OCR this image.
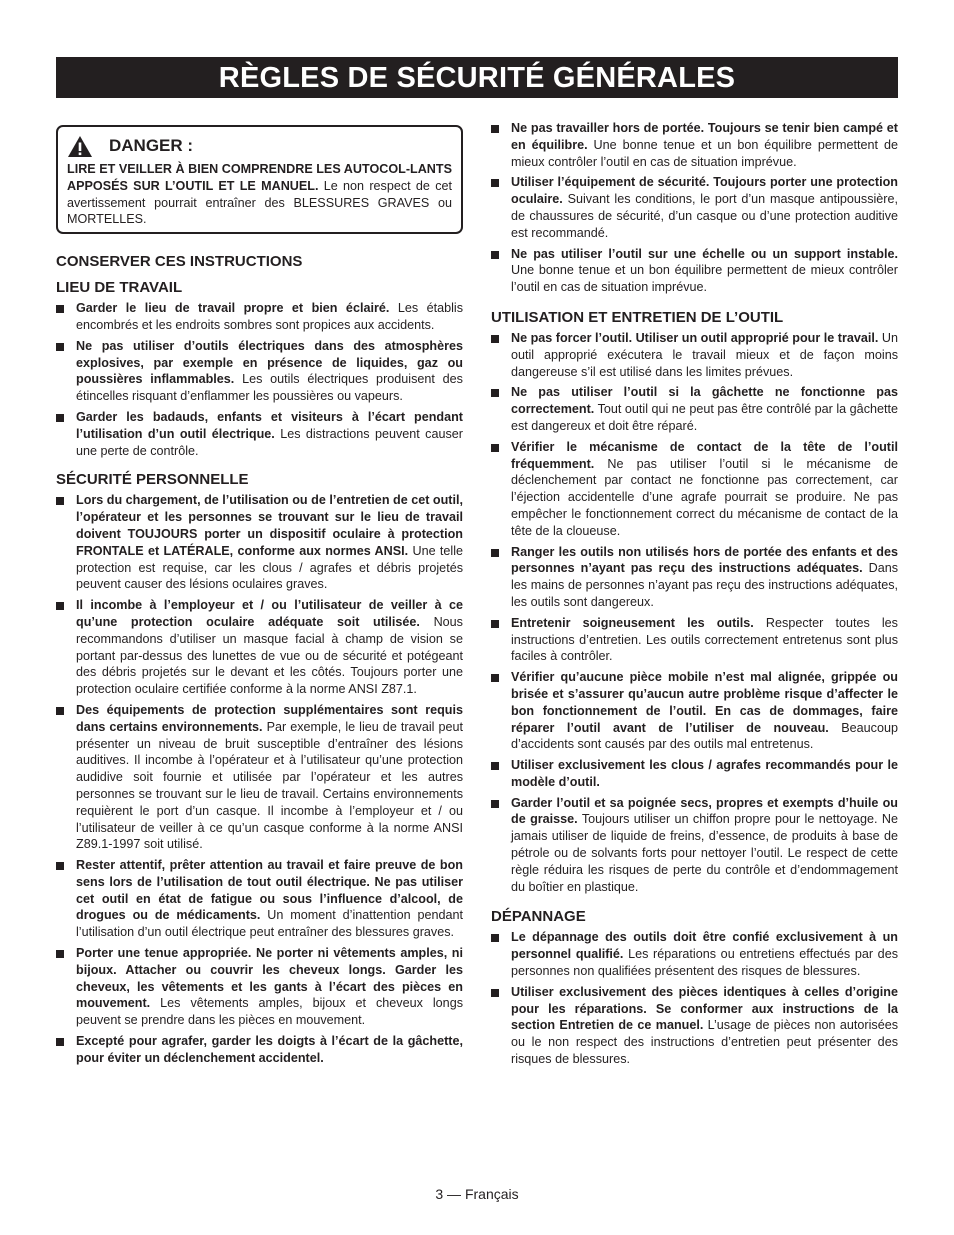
RÈGLES DE SÉCURITÉ GÉNÉRALES
DANGER :
LIRE ET VEILLER À BIEN COMPRENDRE LES AUTOCOL-LANTS APPOSÉS SUR L’OUTIL ET LE MANUEL. Le non respect de cet avertissement pourrait entraîner des BLESSURES GRAVES ou MORTELLES.
CONSERVER CES INSTRUCTIONS
LIEU DE TRAVAIL
Garder le lieu de travail propre et bien éclairé. Les établis encombrés et les endroits sombres sont propices aux accidents.
Ne pas utiliser d’outils électriques dans des atmosphères explosives, par exemple en présence de liquides, gaz ou poussières inflammables. Les outils électriques produisent des étincelles risquant d’enflammer les poussières ou vapeurs.
Garder les badauds, enfants et visiteurs à l’écart pendant l’utilisation d’un outil électrique. Les distractions peuvent causer une perte de contrôle.
SÉCURITÉ PERSONNELLE
Lors du chargement, de l’utilisation ou de l’entretien de cet outil, l’opérateur et les personnes se trouvant sur le lieu de travail doivent TOUJOURS porter un dispositif oculaire à protection FRONTALE et LATÉRALE, conforme aux normes ANSI. Une telle protection est requise, car les clous / agrafes et débris projetés peuvent causer des lésions oculaires graves.
Il incombe à l’employeur et / ou l’utilisateur de veiller à ce qu’une protection oculaire adéquate soit utilisée. Nous recommandons d’utiliser un masque facial à champ de vision se portant par-dessus des lunettes de vue ou de sécurité et potégeant des débris projetés sur le devant et les côtés. Toujours porter une protection oculaire certifiée conforme à la norme ANSI Z87.1.
Des équipements de protection supplémentaires sont requis dans certains environnements. Par exemple, le lieu de travail peut présenter un niveau de bruit susceptible d’entraîner des lésions auditives. Il incombe à l’opérateur et à l’utilisateur qu’une protection audidive soit fournie et utilisée par l’opérateur et les autres personnes se trouvant sur le lieu de travail. Certains environnements requièrent le port d’un casque. Il incombe à l’employeur et / ou l’utilisateur de veiller à ce qu’un casque conforme à la norme ANSI Z89.1-1997 soit utilisé.
Rester attentif, prêter attention au travail et faire preuve de bon sens lors de l’utilisation de tout outil électrique. Ne pas utiliser cet outil en état de fatigue ou sous l’influence d’alcool, de drogues ou de médicaments. Un moment d’inattention pendant l’utilisation d’un outil électrique peut entraîner des blessures graves.
Porter une tenue appropriée. Ne porter ni vêtements amples, ni bijoux. Attacher ou couvrir les cheveux longs. Garder les cheveux, les vêtements et les gants à l’écart des pièces en mouvement. Les vêtements amples, bijoux et cheveux longs peuvent se prendre dans les pièces en mouvement.
Excepté pour agrafer, garder les doigts à l’écart de la gâchette, pour éviter un déclenchement accidentel.
Ne pas travailler hors de portée. Toujours se tenir bien campé et en équilibre. Une bonne tenue et un bon équilibre permettent de mieux contrôler l’outil en cas de situation imprévue.
Utiliser l’équipement de sécurité. Toujours porter une protection oculaire. Suivant les conditions, le port d’un masque antipoussière, de chaussures de sécurité, d’un casque ou d’une protection auditive est recommandé.
Ne pas utiliser l’outil sur une échelle ou un support instable. Une bonne tenue et un bon équilibre permettent de mieux contrôler l’outil en cas de situation imprévue.
UTILISATION ET ENTRETIEN DE L’OUTIL
Ne pas forcer l’outil. Utiliser un outil approprié pour le travail. Un outil approprié exécutera le travail mieux et de façon moins dangereuse s’il est utilisé dans les limites prévues.
Ne pas utiliser l’outil si la gâchette ne fonctionne pas correctement. Tout outil qui ne peut pas être contrôlé par la gâchette est dangereux et doit être réparé.
Vérifier le mécanisme de contact de la tête de l’outil fréquemment. Ne pas utiliser l’outil si le mécanisme de déclenchement par contact ne fonctionne pas correctement, car l’éjection accidentelle d’une agrafe pourrait se produire. Ne pas empêcher le fonctionnement correct du mécanisme de contact de la tête de la cloueuse.
Ranger les outils non utilisés hors de portée des enfants et des personnes n’ayant pas reçu des instructions adéquates. Dans les mains de personnes n’ayant pas reçu des instructions adéquates, les outils sont dangereux.
Entretenir soigneusement les outils. Respecter toutes les instructions d’entretien. Les outils correctement entretenus sont plus faciles à contrôler.
Vérifier qu’aucune pièce mobile n’est mal alignée, grippée ou brisée et s’assurer qu’aucun autre problème risque d’affecter le bon fonctionnement de l’outil. En cas de dommages, faire réparer l’outil avant de l’utiliser de nouveau. Beaucoup d’accidents sont causés par des outils mal entretenus.
Utiliser exclusivement les clous / agrafes recommandés pour le modèle d’outil.
Garder l’outil et sa poignée secs, propres et exempts d’huile ou de graisse. Toujours utiliser un chiffon propre pour le nettoyage. Ne jamais utiliser de liquide de freins, d’essence, de produits à base de pétrole ou de solvants forts pour nettoyer l’outil. Le respect de cette règle réduira les risques de perte du contrôle et d’endommagement du boîtier en plastique.
DÉPANNAGE
Le dépannage des outils doit être confié exclusivement à un personnel qualifié. Les réparations ou entretiens effectués par des personnes non qualifiées présentent des risques de blessures.
Utiliser exclusivement des pièces identiques à celles d’origine pour les réparations. Se conformer aux instructions de la section Entretien de ce manuel. L’usage de pièces non autorisées ou le non respect des instructions d’entretien peut présenter des risques de blessures.
3 — Français
